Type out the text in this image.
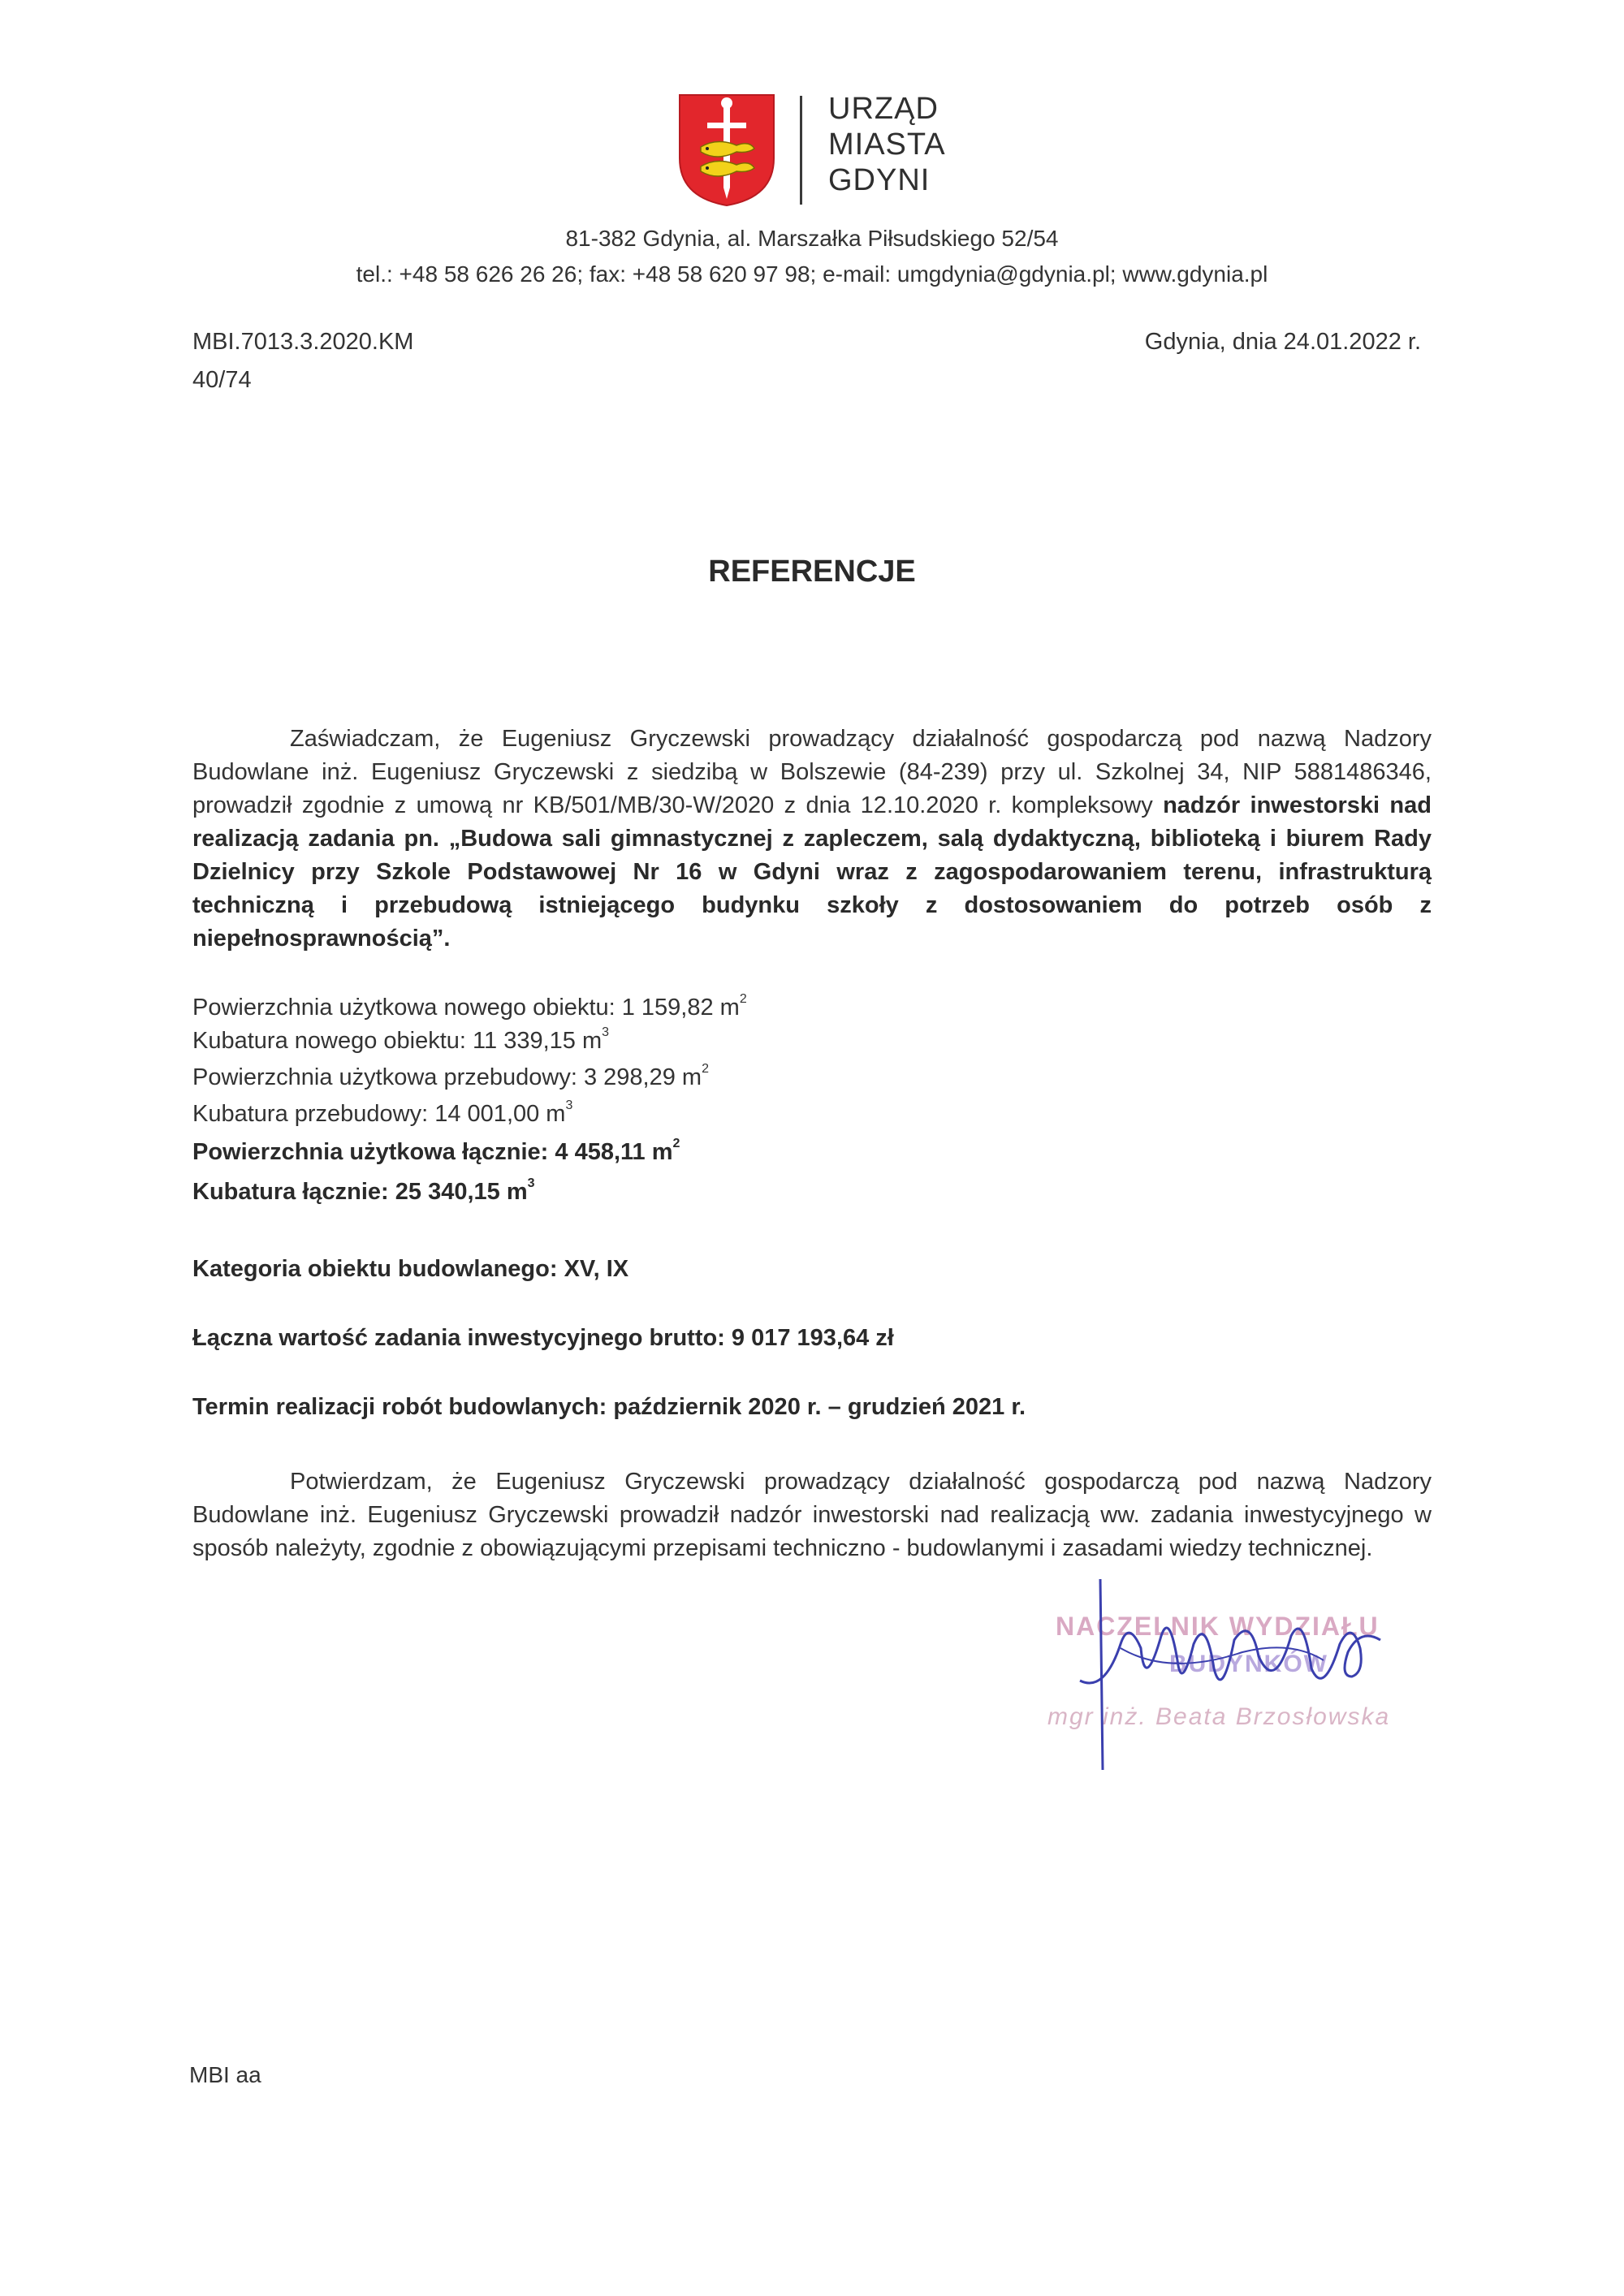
URZĄD
MIASTA
GDYNI
81-382 Gdynia, al. Marszałka Piłsudskiego 52/54
tel.: +48 58 626 26 26; fax: +48 58 620 97 98; e-mail: umgdynia@gdynia.pl; www.gdynia.pl
MBI.7013.3.2020.KM
40/74
Gdynia, dnia 24.01.2022 r.
REFERENCJE
Zaświadczam, że Eugeniusz Gryczewski prowadzący działalność gospodarczą pod nazwą Nadzory Budowlane inż. Eugeniusz Gryczewski z siedzibą w Bolszewie (84-239) przy ul. Szkolnej 34, NIP 5881486346, prowadził zgodnie z umową nr KB/501/MB/30-W/2020 z dnia 12.10.2020 r. kompleksowy nadzór inwestorski nad realizacją zadania pn. „Budowa sali gimnastycznej z zapleczem, salą dydaktyczną, biblioteką i biurem Rady Dzielnicy przy Szkole Podstawowej Nr 16 w Gdyni wraz z zagospodarowaniem terenu, infrastrukturą techniczną i przebudową istniejącego budynku szkoły z dostosowaniem do potrzeb osób z niepełnosprawnością”.
Powierzchnia użytkowa nowego obiektu: 1 159,82 $m^2$
Kubatura nowego obiektu: 11 339,15 $m^3$
Powierzchnia użytkowa przebudowy: 3 298,29 $m^2$
Kubatura przebudowy: 14 001,00 $m^3$
Powierzchnia użytkowa łącznie: 4 458,11 $m^2$
Kubatura łącznie: 25 340,15 $m^3$
Kategoria obiektu budowlanego: XV, IX
Łączna wartość zadania inwestycyjnego brutto: 9 017 193,64 zł
Termin realizacji robót budowlanych: październik 2020 r. – grudzień 2021 r.
Potwierdzam, że Eugeniusz Gryczewski prowadzący działalność gospodarczą pod nazwą Nadzory Budowlane inż. Eugeniusz Gryczewski prowadził nadzór inwestorski nad realizacją ww. zadania inwestycyjnego w sposób należyty, zgodnie z obowiązującymi przepisami techniczno - budowlanymi i zasadami wiedzy technicznej.
NACZELNIK WYDZIAŁU
BUDYNKÓW
mgr inż. Beata Brzosłowska
MBI aa
